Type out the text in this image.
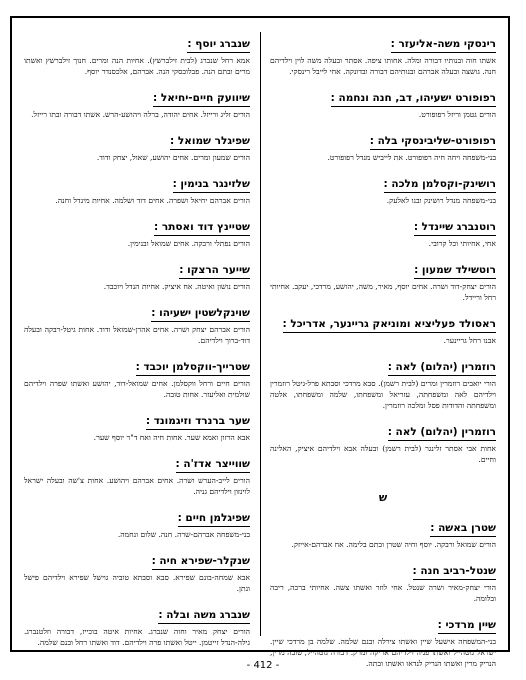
רינסקי משה-אליעזר :
אשתו חוה ובנותיו דבורה ומלה. אחותו ציפה. אסתר ובעלה משה לוין וילדיהם חנה. גושצה ובעלה אברהם ובנותיהם דבורה ובדונקה. אחי לייבל רינסקי.
רפופורט ישעיהו, דב, חנה ונחמה :
הורים גטמן וריזל רפופורט.
רפופורט-שליבינסקי בלה :
בני-משפחה ויחה חיה רפופורט. את לייביש מנדל רפופורט.
רושינק-וקסלמן מלכה :
בני-משפחה מנדל רושינק ובנו לאלעק.
רוטנברג שיינדל :
אחי, אחיותי וכל קרובי.
רוטשילד שמעון :
הורים יצחק-דוד ושרה. אחים יוסף, מאיר, משה, יהושע, מרדכי, יעקב. אחיותי רחל וריידל.
ראסולד פעליציא ומוניאק גריינער, אדריכל :
אבנו רחל גריינער.
רוזמרין (יהלום) לאה :
הורי יואבים רוזמרין ומרים (לבית רשמן). סבא מרדכי וסבתא פרל-גיטל רוזמרין וילדיהם לאה ומשפחתה, עזריאל ומשפחתו, שלמה ומשפחתו, אלטה ומשפחתה והדודות פסל ומלכה רוזמרין.
רוזמרין (יהלום) לאה :
אחות אבי אסתר זלינגר (לבית רשמן) ובעלה אבא וילדיהם איציק, האלינה וחיים.
ש
שטרן באשה :
הורים שמואל ורבקה. יוסף וחיה שטרן ובתם בלימה. אח אברהם-אייזק.
שנטל-רביב חנה :
הורי יצחק-מאיר ושרה שנטל. אחי לוזר ואשתו צשה. אחיותי ברכה, ריבה ובלומה.
שיין מרדכי :
בני-המשפחה אישעל שיין ואשתו צירלה ובנם שלמה. שלמה בן מרדכי שיין. ישראל גוטהייל ואשתו פניה וילדיהם אריקה ומרק. דבורה גוטהייל, טובה מרין, הנריק מרין ואשתו הנריק לנדאו ואשתו ובתה.
שנברג יוסף :
אמא רחל שנברג (לבית זילברשץ). אחיות הנה ומרים. חנוך זילברשץ ואשתו מרים ובתם הנה. פבלובסקי הנה. אברהם, אלכסנדר יוסף.
שיוועק חיים-יחיאל :
הורים זליג ורייזל. אחים יהודה, ברלה ויהושע-הרש. אשתו דבורה ובתו רייזל.
שפיגלר שמואל :
הורים שמעון ומרים. אחים יהושע, שאול, יצחק ודוד.
שלזינגר בנימין :
הורים אברהם יחיאל ושפרה. אחים דוד ושלמה. אחיות מינדל וחנה.
שטיינץ דוד ואסתר :
הורים נפתלי ורבקה. אחים שמואל ובנימין.
שייער הרצקו :
הורים נושון ואיטה. אח איציק. אחיות הנדל ויוכבד.
שוינקלשטין ישעיהו :
הורים אברהם יצחק ושרה. אחים אהרן-שמואל ודוד. אחות גיטל-רבקה ובעלה דוד-ברוך וילדיהם.
שטרייך-ווקסלמן יוכבד :
הורים חיים ורחל ווקסלמן. אחים שמואל-דוד, יהושע ואשתו שפרה וילדיהם שולמית ואליעזר. אחות טובה.
שער ברנרד וזיגמונד :
אבא הרזון ואמא שער. אחות חיה ואח ד"ר יוסף שער.
שווייצר אדז'ה :
הורים לייב-הערש ושרה. אחים אברהם ויהושע. אחות צ'שה ובעלה ישראל לוינזון וילדיהם גניה.
שפיגלמן חיים :
בני-משפחה אברהם-שרה. חנה. שלום ונחמה.
שנקלר-שפירא חיה :
אבא שמחה-בונם שפירא. סבא וסבתא טוביה גוישל שפירא וילדיהם פישל ונתן.
שנברג משה ובלה :
הורים יצחק מאיר וחוה שנברג. אחיות איטה בוכייז, דבורה וזלטנברג. גילה-הנדל זייטמן. ייטל ואשתו פרה וילדיהם. דוד ואשתו רחל ובנם שלמה.
- 412 -
